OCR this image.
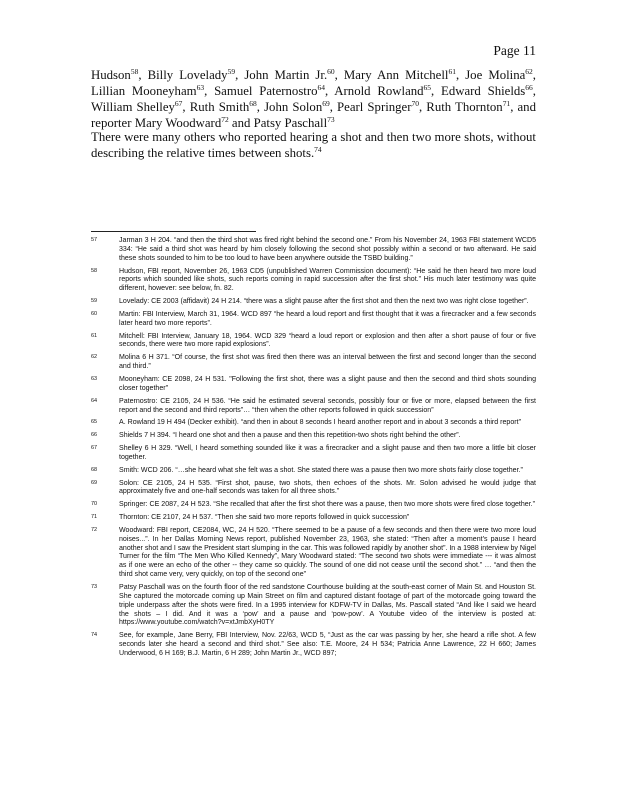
Page 11

Hudson$^{58}$, Billy Lovelady$^{59}$, John Martin Jr.$^{60}$, Mary Ann Mitchell$^{61}$, Joe Molina$^{62}$, Lillian Mooneyham$^{63}$, Samuel Paternostro$^{64}$, Arnold Rowland$^{65}$, Edward Shields$^{66}$, William Shelley$^{67}$, Ruth Smith$^{68}$, John Solon$^{69}$, Pearl Springer$^{70}$, Ruth Thornton$^{71}$, and reporter Mary Woodward$^{72}$ and Patsy Paschall$^{73}$

There were many others who reported hearing a shot and then two more shots, without describing the relative times between shots.$^{74}$

57	Jarman 3 H 204. “and then the third shot was fired right behind the second one.” From his November 24, 1963 FBI statement WCD5 334: “He said a third shot was heard by him closely following the second shot possibly within a second or two afterward. He said these shots sounded to him to be too loud to have been anywhere outside the TSBD building.”
58	Hudson, FBI report, November 26, 1963 CD5 (unpublished Warren Commission document): “He said he then heard two more loud reports which sounded like shots, such reports coming in rapid succession after the first shot.” His much later testimony was quite different, however: see below, fn. 82.
59	Lovelady: CE 2003 (affidavit) 24 H 214. “there was a slight pause after the first shot and then the next two was right close together”.
60	Martin: FBI Interview, March 31, 1964. WCD 897 “he heard a loud report and first thought that it was a firecracker and a few seconds later heard two more reports”.
61	Mitchell: FBI Interview, January 18, 1964. WCD 329 “heard a loud report or explosion and then after a short pause of four or five seconds, there were two more rapid explosions”.
62	Molina 6 H 371. “Of course, the first shot was fired then there was an interval between the first and second longer than the second and third.”
63	Mooneyham: CE 2098, 24 H 531. "Following the first shot, there was a slight pause and then the second and third shots sounding closer together"
64	Paternostro: CE 2105, 24 H 536. “He said he estimated several seconds, possibly four or five or more, elapsed between the first report and the second and third reports”… “then when the other reports followed in quick succession”
65	A. Rowland 19 H 494 (Decker exhibit). “and then in about 8 seconds I heard another report and in about 3 seconds a third report”
66	Shields 7 H 394. “I heard one shot and then a pause and then this repetition-two shots right behind the other”.
67	Shelley 6 H 329. “Well, I heard something sounded like it was a firecracker and a slight pause and then two more a little bit closer together.
68	Smith: WCD 206. “…she heard what she felt was a shot. She stated there was a pause then two more shots fairly close together.”
69	Solon: CE 2105, 24 H 535. “First shot, pause, two shots, then echoes of the shots. Mr. Solon advised he would judge that approximately five and one-half seconds was taken for all three shots.”
70	Springer: CE 2087, 24 H 523. “She recalled that after the first shot there was a pause, then two more shots were fired close together.”
71	Thornton: CE 2107, 24 H 537. “Then she said two more reports followed in quick succession”
72	Woodward: FBI report, CE2084, WC, 24 H 520. “There seemed to be a pause of a few seconds and then there were two more loud noises...”. In her Dallas Morning News report, published November 23, 1963, she stated: “Then after a moment’s pause I heard another shot and I saw the President start slumping in the car. This was followed rapidly by another shot”. In a 1988 interview by Nigel Turner for the film “The Men Who Killed Kennedy”, Mary Woodward stated: “The second two shots were immediate --- it was almost as if one were an echo of the other -- they came so quickly. The sound of one did not cease until the second shot.” … “and then the third shot came very, very quickly, on top of the second one”
73	Patsy Paschall was on the fourth floor of the red sandstone Courthouse building at the south-east corner of Main St. and Houston St. She captured the motorcade coming up Main Street on film and captured distant footage of part of the motorcade going toward the triple underpass after the shots were fired. In a 1995 interview for KDFW-TV in Dallas, Ms. Pascall stated “And like I said we heard the shots – I did. And it was a ‘pow’ and a pause and ‘pow-pow’. A Youtube video of the interview is posted at: https://www.youtube.com/watch?v=xtJmbXyH0TY
74	See, for example, Jane Berry, FBI Interview, Nov. 22/63, WCD 5, “Just as the car was passing by her, she heard a rifle shot. A few seconds later she heard a second and third shot.” See also: T.E. Moore, 24 H 534; Patricia Anne Lawrence, 22 H 660; James Underwood, 6 H 169; B.J. Martin, 6 H 289; John Martin Jr., WCD 897;
